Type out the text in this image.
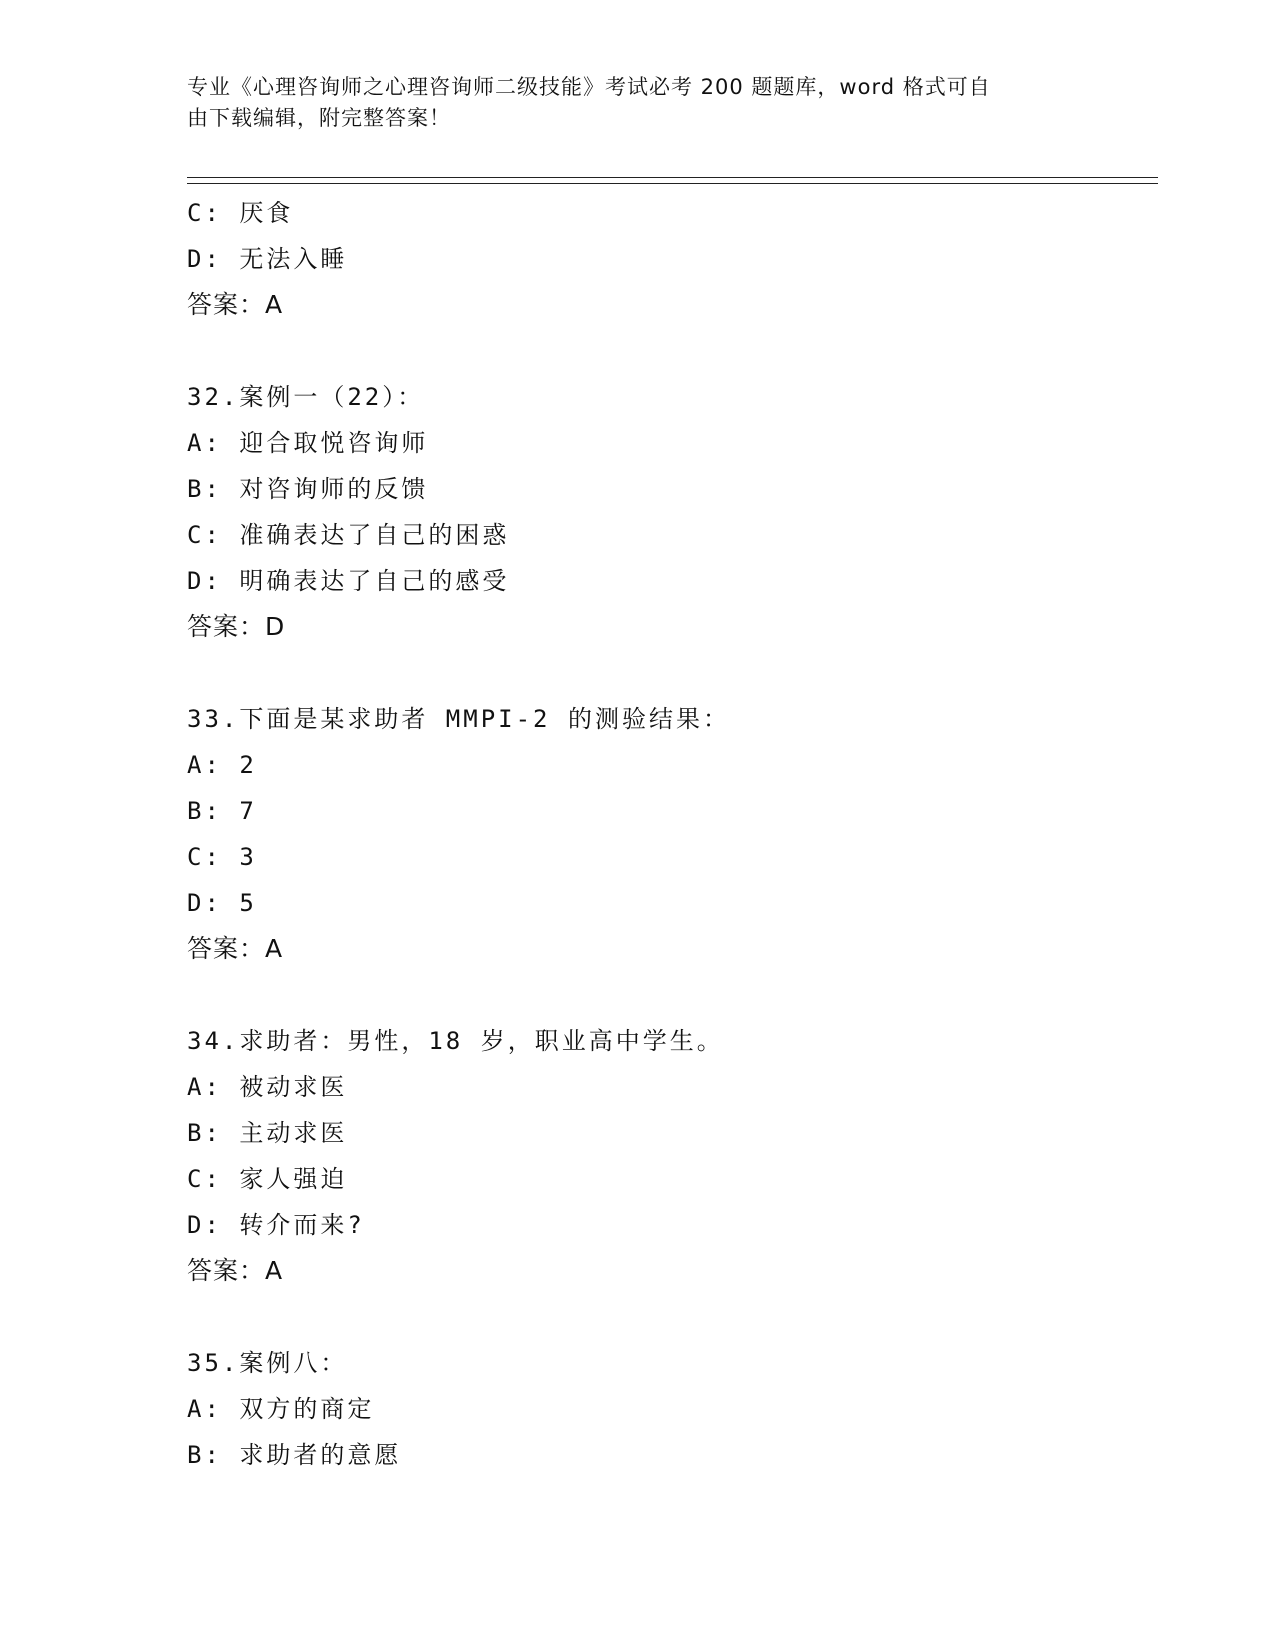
专业《心理咨询师之心理咨询师二级技能》考试必考 200 题题库，word 格式可自
由下载编辑，附完整答案！
C: 厌食
D: 无法入睡
答案：A
32.案例一（22）：
A: 迎合取悦咨询师
B: 对咨询师的反馈
C: 准确表达了自己的困惑
D: 明确表达了自己的感受
答案：D
33.下面是某求助者 MMPI-2 的测验结果：
A: 2
B: 7
C: 3
D: 5
答案：A
34.求助者：男性，18 岁，职业高中学生。
A: 被动求医
B: 主动求医
C: 家人强迫
D: 转介而来?
答案：A
35.案例八：
A: 双方的商定
B: 求助者的意愿
